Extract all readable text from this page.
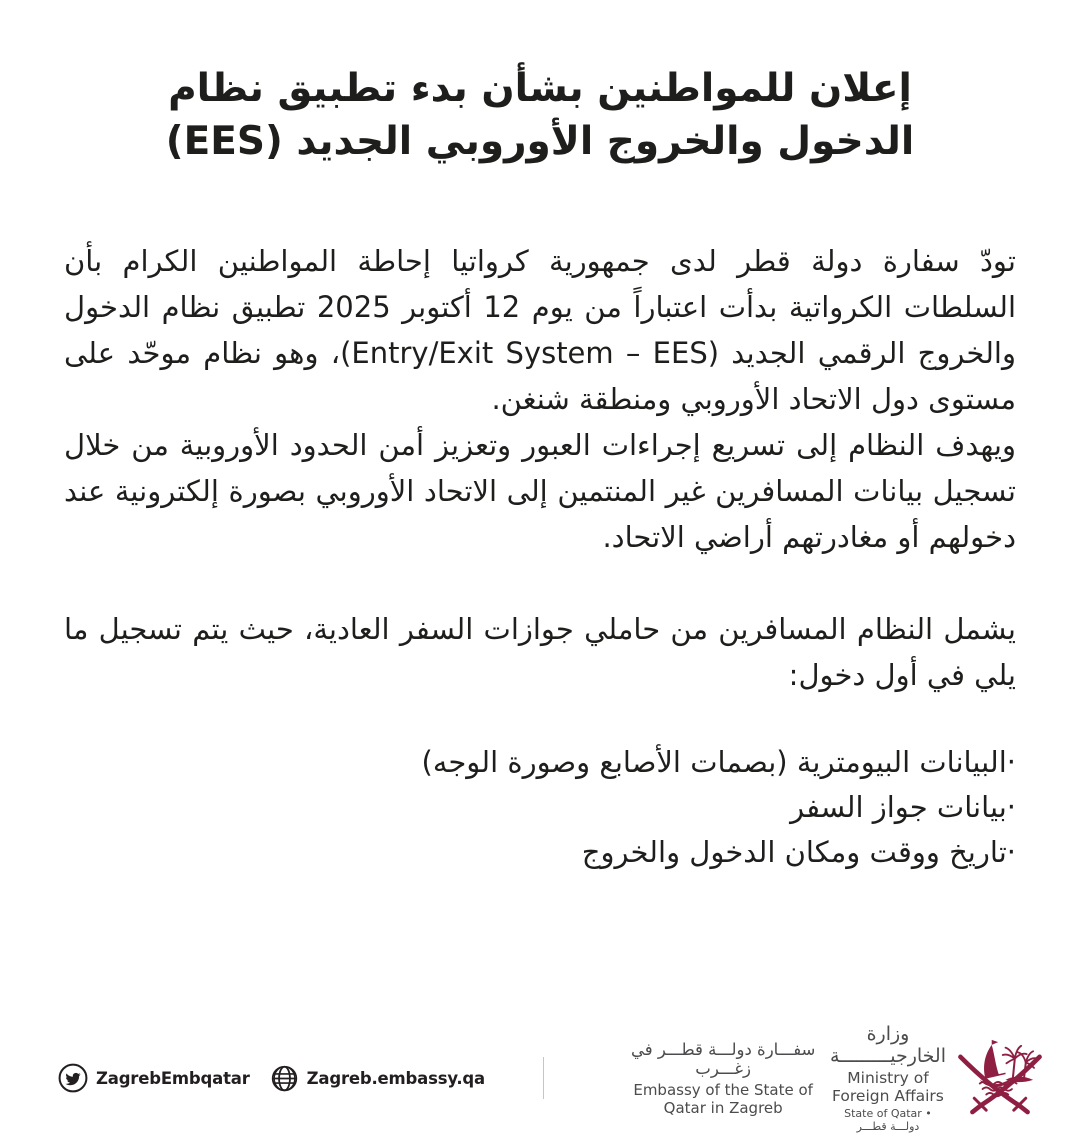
إعلان للمواطنين بشأن بدء تطبيق نظام
الدخول والخروج الأوروبي الجديد (EES)

تودّ سفارة دولة قطر لدى جمهورية كرواتيا إحاطة المواطنين الكرام بأن السلطات الكرواتية بدأت اعتباراً من يوم 12 أكتوبر 2025 تطبيق نظام الدخول والخروج الرقمي الجديد (Entry/Exit System – EES)، وهو نظام موحّد على مستوى دول الاتحاد الأوروبي ومنطقة شنغن.

ويهدف النظام إلى تسريع إجراءات العبور وتعزيز أمن الحدود الأوروبية من خلال تسجيل بيانات المسافرين غير المنتمين إلى الاتحاد الأوروبي بصورة إلكترونية عند دخولهم أو مغادرتهم أراضي الاتحاد.

يشمل النظام المسافرين من حاملي جوازات السفر العادية، حيث يتم تسجيل ما يلي في أول دخول:

·البيانات البيومترية (بصمات الأصابع وصورة الوجه)

·بيانات جواز السفر

·تاريخ ووقت ومكان الدخول والخروج

ZagrebEmbqatar	Zagreb.embassy.qa
سفـــارة دولـــة قطـــر في زغـــرب
Embassy of the State of Qatar in Zagreb
وزارة الخارجيـــــــــة
Ministry of Foreign Affairs
State of Qatar • دولـــة قطـــر
